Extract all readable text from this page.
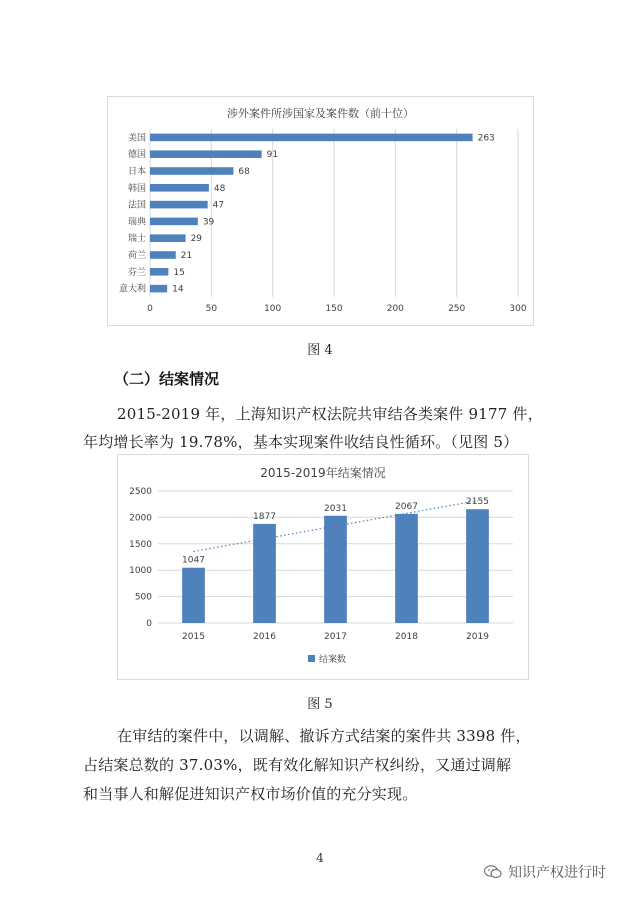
涉外案件所涉国家及案件数（前十位）
0	50	100	150	200	250	300
美国	263
德国	91
日本	68
韩国	48
法国	47
瑞典	39
瑞士	29
荷兰	21
芬兰	15
意大利	14
图 4
（二）结案情况
2015-2019 年，上海知识产权法院共审结各类案件 9177 件，
年均增长率为 19.78%，基本实现案件收结良性循环。（见图 5）
2015-2019年结案情况
0
500
1000
1500
2000
2500
1047
2015
1877
2016
2031
2017
2067
2018
2155
2019
结案数
图 5
在审结的案件中，以调解、撤诉方式结案的案件共 3398 件，
占结案总数的 37.03%，既有效化解知识产权纠纷，又通过调解
和当事人和解促进知识产权市场价值的充分实现。
4
知识产权进行时
